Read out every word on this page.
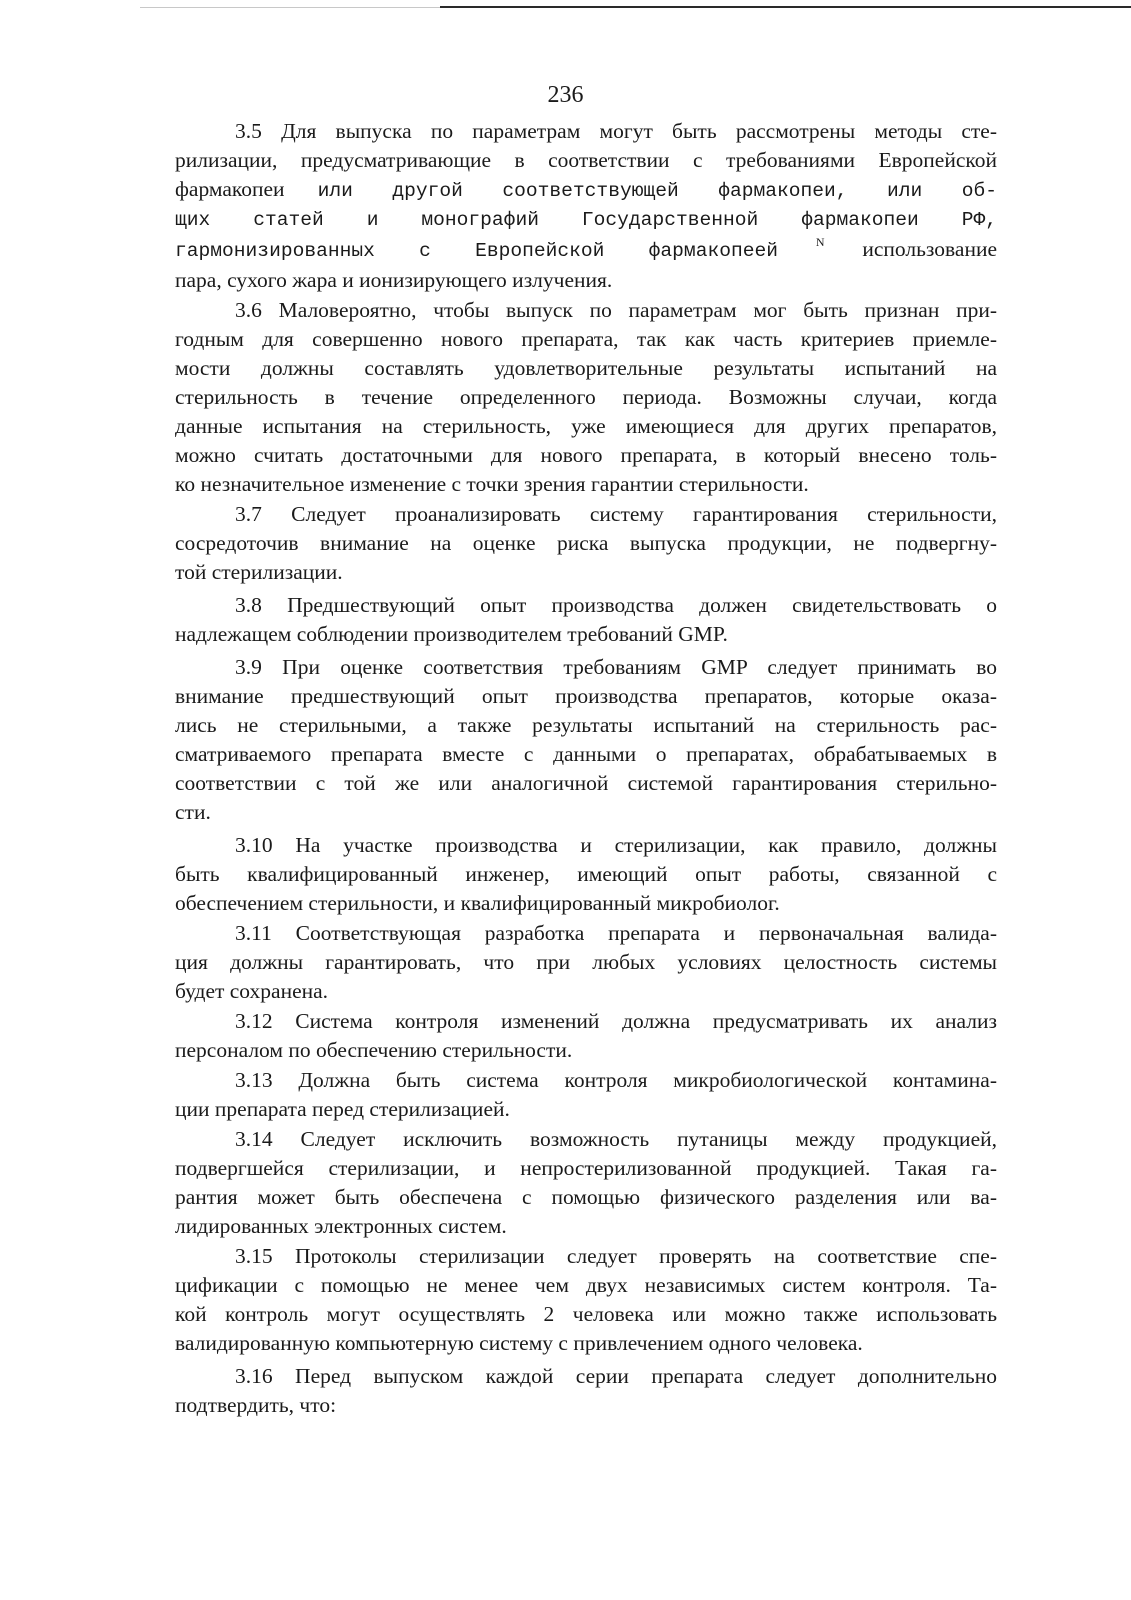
236
3.5 Для выпуска по параметрам могут быть рассмотрены методы сте-
рилизации, предусматривающие в соответствии с требованиями Европейской
фармакопеи или другой соответствующей фармакопеи, или об-
щих статей и монографий Государственной фармакопеи РФ,
гармонизированных с Европейской фармакопеей	$^N$ использование
пара, сухого жара и ионизирующего излучения.
3.6 Маловероятно, чтобы выпуск по параметрам мог быть признан при-
годным для совершенно нового препарата, так как часть критериев приемле-
мости должны составлять удовлетворительные результаты испытаний на
стерильность в течение определенного периода. Возможны случаи, когда
данные испытания на стерильность, уже имеющиеся для других препаратов,
можно считать достаточными для нового препарата, в который внесено толь-
ко незначительное изменение с точки зрения гарантии стерильности.
3.7 Следует проанализировать систему гарантирования стерильности,
сосредоточив внимание на оценке риска выпуска продукции, не подвергну-
той стерилизации.
3.8 Предшествующий опыт производства должен свидетельствовать о
надлежащем соблюдении производителем требований GMP.
3.9 При оценке соответствия требованиям GMP следует принимать во
внимание предшествующий опыт производства препаратов, которые оказа-
лись не стерильными, а также результаты испытаний на стерильность рас-
сматриваемого препарата вместе с данными о препаратах, обрабатываемых в
соответствии с той же или аналогичной системой гарантирования стерильно-
сти.
3.10 На участке производства и стерилизации, как правило, должны
быть квалифицированный инженер, имеющий опыт работы, связанной с
обеспечением стерильности, и квалифицированный микробиолог.
3.11 Соответствующая разработка препарата и первоначальная валида-
ция должны гарантировать, что при любых условиях целостность системы
будет сохранена.
3.12 Система контроля изменений должна предусматривать их анализ
персоналом по обеспечению стерильности.
3.13 Должна быть система контроля микробиологической контамина-
ции препарата перед стерилизацией.
3.14 Следует исключить возможность путаницы между продукцией,
подвергшейся стерилизации, и непростерилизованной продукцией. Такая га-
рантия может быть обеспечена с помощью физического разделения или ва-
лидированных электронных систем.
3.15 Протоколы стерилизации следует проверять на соответствие спе-
цификации с помощью не менее чем двух независимых систем контроля. Та-
кой контроль могут осуществлять 2 человека или можно также использовать
валидированную компьютерную систему с привлечением одного человека.
3.16 Перед выпуском каждой серии препарата следует дополнительно
подтвердить, что:
